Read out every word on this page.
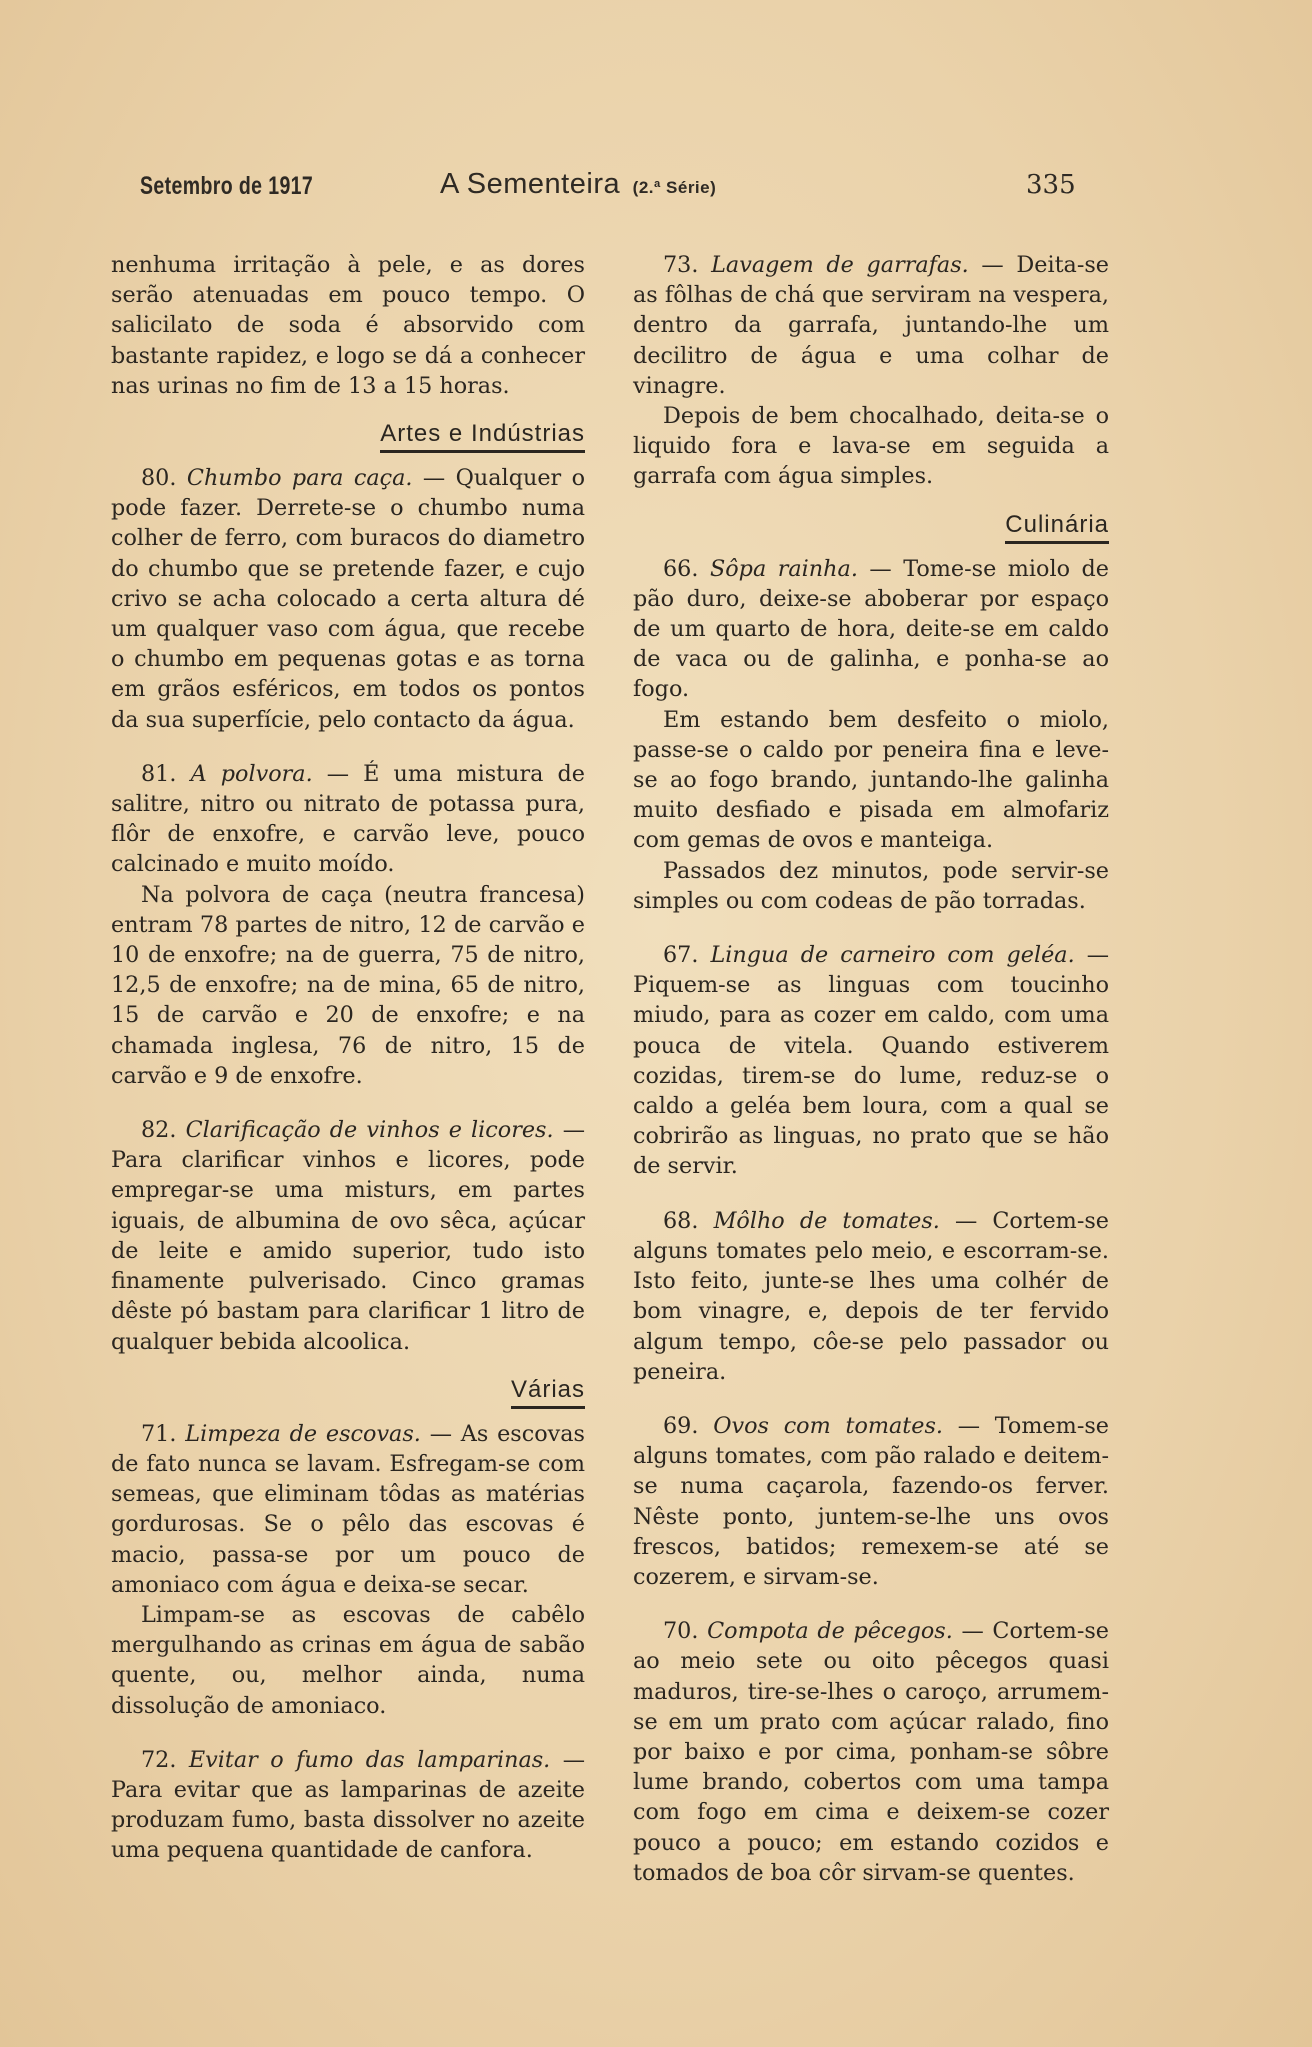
Setembro de 1917	A Sementeira (2.ª Série)	335

nenhuma irritação à pele, e as dores serão atenuadas em pouco tempo. O salicilato de soda é absorvido com bastante rapidez, e logo se dá a conhecer nas urinas no fim de 13 a 15 horas.

Artes e Indústrias

80. Chumbo para caça. — Qualquer o pode fazer. Derrete-se o chumbo numa colher de ferro, com buracos do diametro do chumbo que se pretende fazer, e cujo crivo se acha colocado a certa altura dé um qualquer vaso com água, que recebe o chumbo em pequenas gotas e as torna em grãos esféricos, em todos os pontos da sua superfície, pelo contacto da água.

81. A polvora. — É uma mistura de salitre, nitro ou nitrato de potassa pura, flôr de enxofre, e carvão leve, pouco calcinado e muito moído.

Na polvora de caça (neutra francesa) entram 78 partes de nitro, 12 de carvão e 10 de enxofre; na de guerra, 75 de nitro, 12,5 de enxofre; na de mina, 65 de nitro, 15 de carvão e 20 de enxofre; e na chamada inglesa, 76 de nitro, 15 de carvão e 9 de enxofre.

82. Clarificação de vinhos e licores. — Para clarificar vinhos e licores, pode empregar-se uma misturs, em partes iguais, de albumina de ovo sêca, açúcar de leite e amido superior, tudo isto finamente pulverisado. Cinco gramas dêste pó bastam para clarificar 1 litro de qualquer bebida alcoolica.

Várias

71. Limpeza de escovas. — As escovas de fato nunca se lavam. Esfregam-se com semeas, que eliminam tôdas as matérias gordurosas. Se o pêlo das escovas é macio, passa-se por um pouco de amoniaco com água e deixa-se secar.

Limpam-se as escovas de cabêlo mergulhando as crinas em água de sabão quente, ou, melhor ainda, numa dissolução de amoniaco.

72. Evitar o fumo das lamparinas. — Para evitar que as lamparinas de azeite produzam fumo, basta dissolver no azeite uma pequena quantidade de canfora.

73. Lavagem de garrafas. — Deita-se as fôlhas de chá que serviram na vespera, dentro da garrafa, juntando-lhe um decilitro de água e uma colhar de vinagre.

Depois de bem chocalhado, deita-se o liquido fora e lava-se em seguida a garrafa com água simples.

Culinária

66. Sôpa rainha. — Tome-se miolo de pão duro, deixe-se aboberar por espaço de um quarto de hora, deite-se em caldo de vaca ou de galinha, e ponha-se ao fogo.

Em estando bem desfeito o miolo, passe-se o caldo por peneira fina e leve-se ao fogo brando, juntando-lhe galinha muito desfiado e pisada em almofariz com gemas de ovos e manteiga.

Passados dez minutos, pode servir-se simples ou com codeas de pão torradas.

67. Lingua de carneiro com geléa. — Piquem-se as linguas com toucinho miudo, para as cozer em caldo, com uma pouca de vitela. Quando estiverem cozidas, tirem-se do lume, reduz-se o caldo a geléa bem loura, com a qual se cobrirão as linguas, no prato que se hão de servir.

68. Môlho de tomates. — Cortem-se alguns tomates pelo meio, e escorram-se. Isto feito, junte-se lhes uma colhér de bom vinagre, e, depois de ter fervido algum tempo, côe-se pelo passador ou peneira.

69. Ovos com tomates. — Tomem-se alguns tomates, com pão ralado e deitem-se numa caçarola, fazendo-os ferver. Nêste ponto, juntem-se-lhe uns ovos frescos, batidos; remexem-se até se cozerem, e sirvam-se.

70. Compota de pêcegos. — Cortem-se ao meio sete ou oito pêcegos quasi maduros, tire-se-lhes o caroço, arrumem-se em um prato com açúcar ralado, fino por baixo e por cima, ponham-se sôbre lume brando, cobertos com uma tampa com fogo em cima e deixem-se cozer pouco a pouco; em estando cozidos e tomados de boa côr sirvam-se quentes.
